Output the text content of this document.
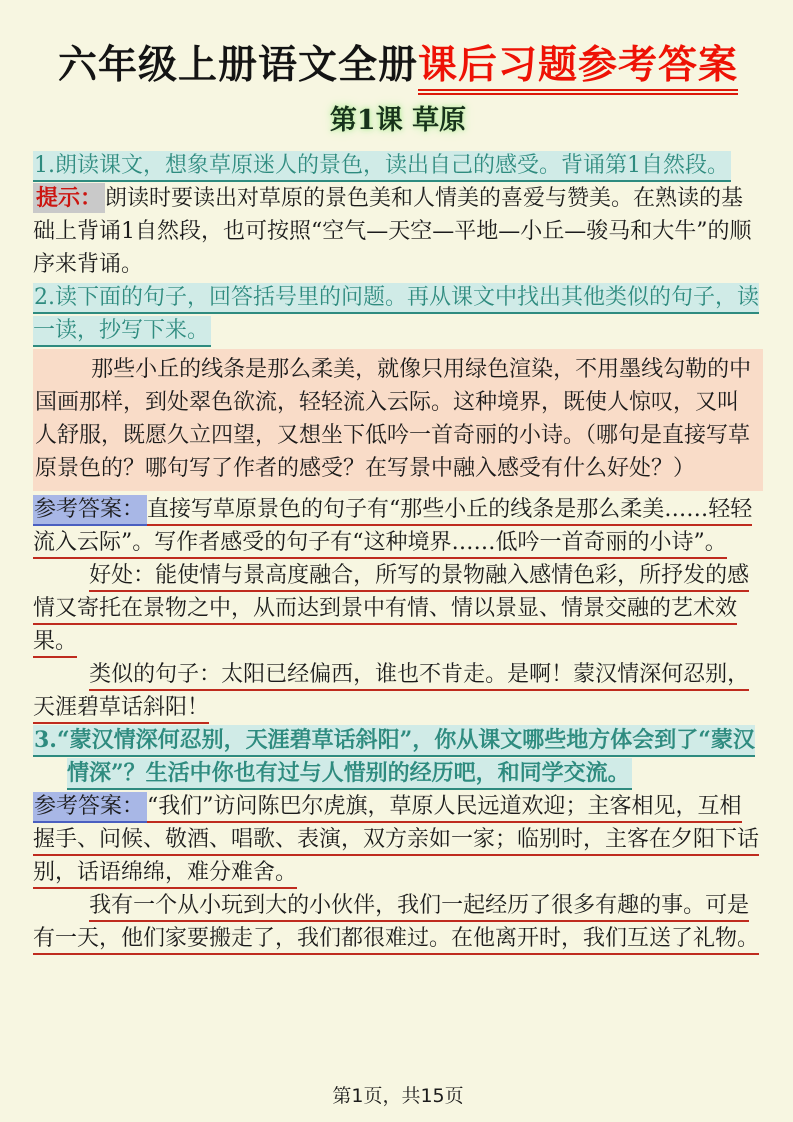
六年级上册语文全册课后习题参考答案
第1课 草原

1.朗读课文，想象草原迷人的景色，读出自己的感受。背诵第1自然段。

提示： 朗读时要读出对草原的景色美和人情美的喜爱与赞美。在熟读的基础上背诵1自然段，也可按照“空气—天空—平地—小丘—骏马和大牛”的顺序来背诵。

2.读下面的句子，回答括号里的问题。再从课文中找出其他类似的句子，读一读，抄写下来。

那些小丘的线条是那么柔美，就像只用绿色渲染，不用墨线勾勒的中国画那样，到处翠色欲流，轻轻流入云际。这种境界，既使人惊叹，又叫人舒服，既愿久立四望，又想坐下低吟一首奇丽的小诗。（哪句是直接写草原景色的？哪句写了作者的感受？在写景中融入感受有什么好处？）

参考答案： 直接写草原景色的句子有“那些小丘的线条是那么柔美……轻轻流入云际”。写作者感受的句子有“这种境界……低吟一首奇丽的小诗”。

好处：能使情与景高度融合，所写的景物融入感情色彩，所抒发的感情又寄托在景物之中，从而达到景中有情、情以景显、情景交融的艺术效果。

类似的句子：太阳已经偏西，谁也不肯走。是啊！蒙汉情深何忍别，天涯碧草话斜阳！

3.“蒙汉情深何忍别，天涯碧草话斜阳”，你从课文哪些地方体会到了“蒙汉情深”？生活中你也有过与人惜别的经历吧，和同学交流。

参考答案： “我们”访问陈巴尔虎旗，草原人民远道欢迎；主客相见，互相握手、问候、敬酒、唱歌、表演，双方亲如一家；临别时，主客在夕阳下话别，话语绵绵，难分难舍。

我有一个从小玩到大的小伙伴，我们一起经历了很多有趣的事。可是有一天，他们家要搬走了，我们都很难过。在他离开时，我们互送了礼物。

第1页，共15页
